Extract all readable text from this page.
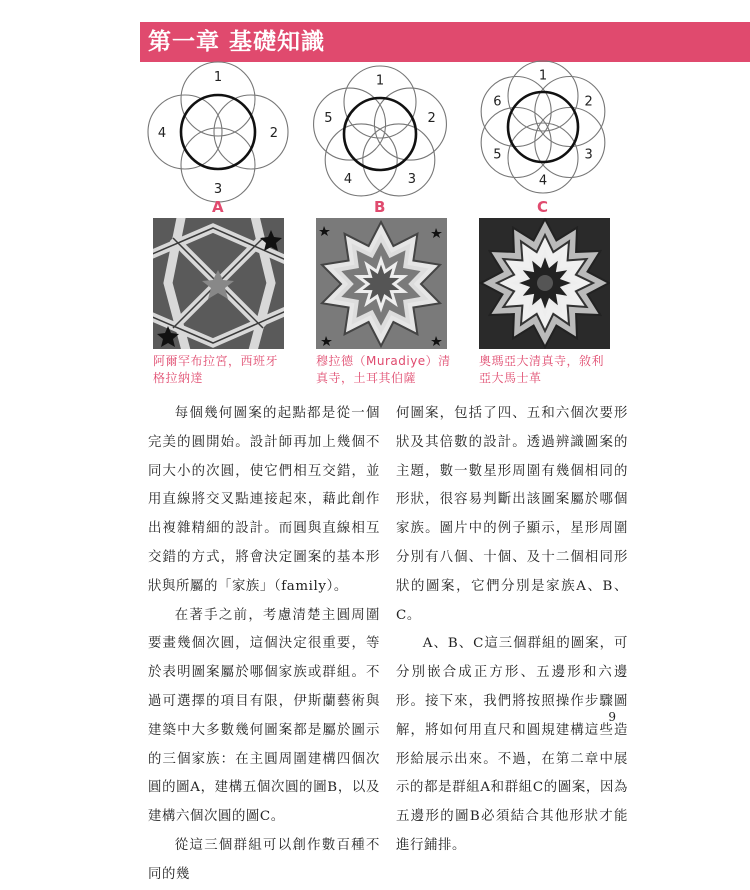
第一章 基礎知識
1
2
3
4
1
2
3
4
5
1
2
3
4
5
6
A	B	C
阿爾罕布拉宮，西班牙格拉納達
穆拉德（Muradiye）清真寺，土耳其伯薩
奧瑪亞大清真寺，敘利亞大馬士革

每個幾何圖案的起點都是從一個完美的圓開始。設計師再加上幾個不同大小的次圓，使它們相互交錯，並用直線將交叉點連接起來，藉此創作出複雜精細的設計。而圓與直線相互交錯的方式，將會決定圖案的基本形狀與所屬的「家族」（family）。

在著手之前，考慮清楚主圓周圍要畫幾個次圓，這個決定很重要，等於表明圖案屬於哪個家族或群組。不過可選擇的項目有限，伊斯蘭藝術與建築中大多數幾何圖案都是屬於圖示的三個家族：在主圓周圍建構四個次圓的圖A，建構五個次圓的圖B，以及建構六個次圓的圖C。

從這三個群組可以創作數百種不同的幾

何圖案，包括了四、五和六個次要形狀及其倍數的設計。透過辨識圖案的主題，數一數星形周圍有幾個相同的形狀，很容易判斷出該圖案屬於哪個家族。圖片中的例子顯示，星形周圍分別有八個、十個、及十二個相同形狀的圖案，它們分別是家族A、B、C。

A、B、C這三個群組的圖案，可分別嵌合成正方形、五邊形和六邊形。接下來，我們將按照操作步驟圖解，將如何用直尺和圓規建構這些造形給展示出來。不過，在第二章中展示的都是群組A和群組C的圖案，因為五邊形的圖B必須結合其他形狀才能進行鋪排。

9
